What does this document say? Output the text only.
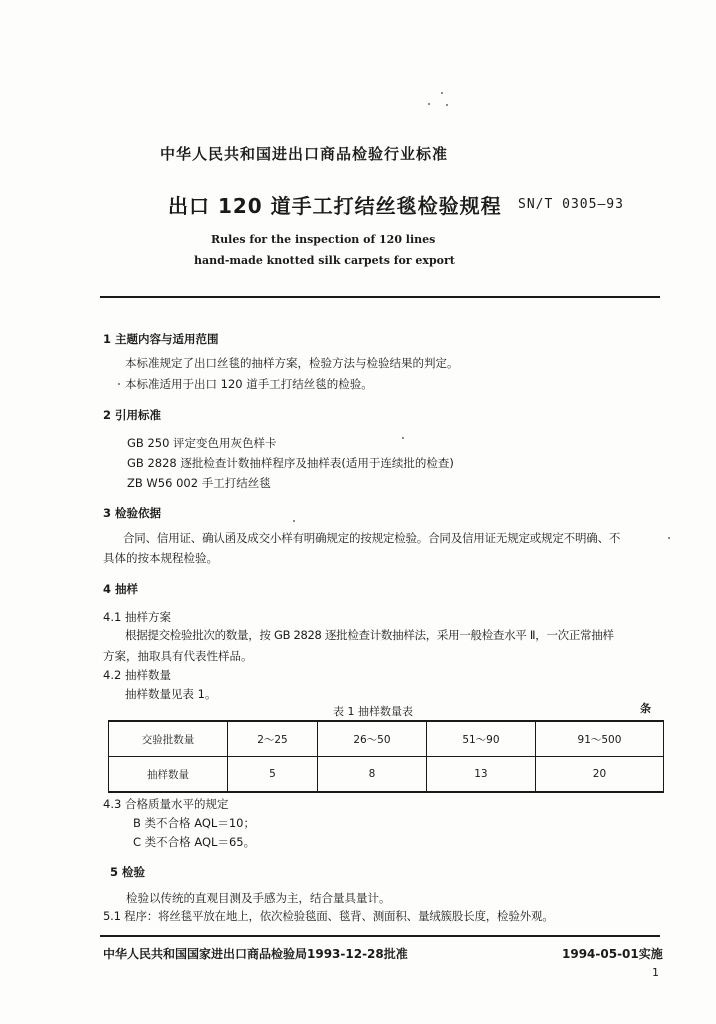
中华人民共和国进出口商品检验行业标准
出口 120 道手工打结丝毯检验规程 SN/T 0305—93
Rules for the inspection of 120 lines
hand-made knotted silk carpets for export
1 主题内容与适用范围
本标准规定了出口丝毯的抽样方案，检验方法与检验结果的判定。
本标准适用于出口 120 道手工打结丝毯的检验。
2 引用标准
GB 250 评定变色用灰色样卡
GB 2828 逐批检查计数抽样程序及抽样表(适用于连续批的检查)
ZB W56 002 手工打结丝毯
3 检验依据
合同、信用证、确认函及成交小样有明确规定的按规定检验。合同及信用证无规定或规定不明确、不
具体的按本规程检验。
4 抽样
4.1 抽样方案
根据提交检验批次的数量，按 GB 2828 逐批检查计数抽样法，采用一般检查水平 Ⅱ，一次正常抽样
方案，抽取具有代表性样品。
4.2 抽样数量
抽样数量见表 1。
表 1 抽样数量表	条
交验批数量	2～25	26～50	51～90	91～500
抽样数量	5	8	13	20
4.3 合格质量水平的规定
B 类不合格 AQL＝10；
C 类不合格 AQL＝65。
5 检验
检验以传统的直观目测及手感为主，结合量具量计。
5.1 程序：将丝毯平放在地上，依次检验毯面、毯背、测面积、量绒簇股长度，检验外观。
中华人民共和国国家进出口商品检验局1993-12-28批准	1994-05-01实施
1
